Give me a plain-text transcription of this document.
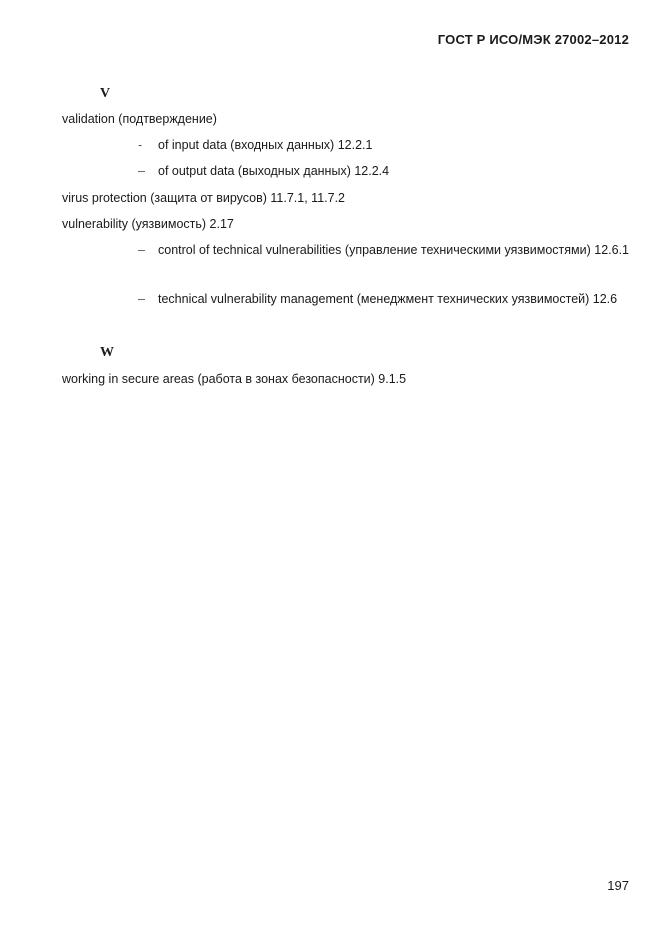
ГОСТ Р ИСО/МЭК 27002–2012
V
validation (подтверждение)
-	of input data (входных данных) 12.2.1
–	of output data (выходных данных) 12.2.4
virus protection (защита от вирусов) 11.7.1, 11.7.2
vulnerability (уязвимость) 2.17
–	control of technical vulnerabilities (управление техническими уязвимостями) 12.6.1
–	technical vulnerability management (менеджмент технических уязвимостей) 12.6
W
working in secure areas (работа в зонах безопасности) 9.1.5
197
